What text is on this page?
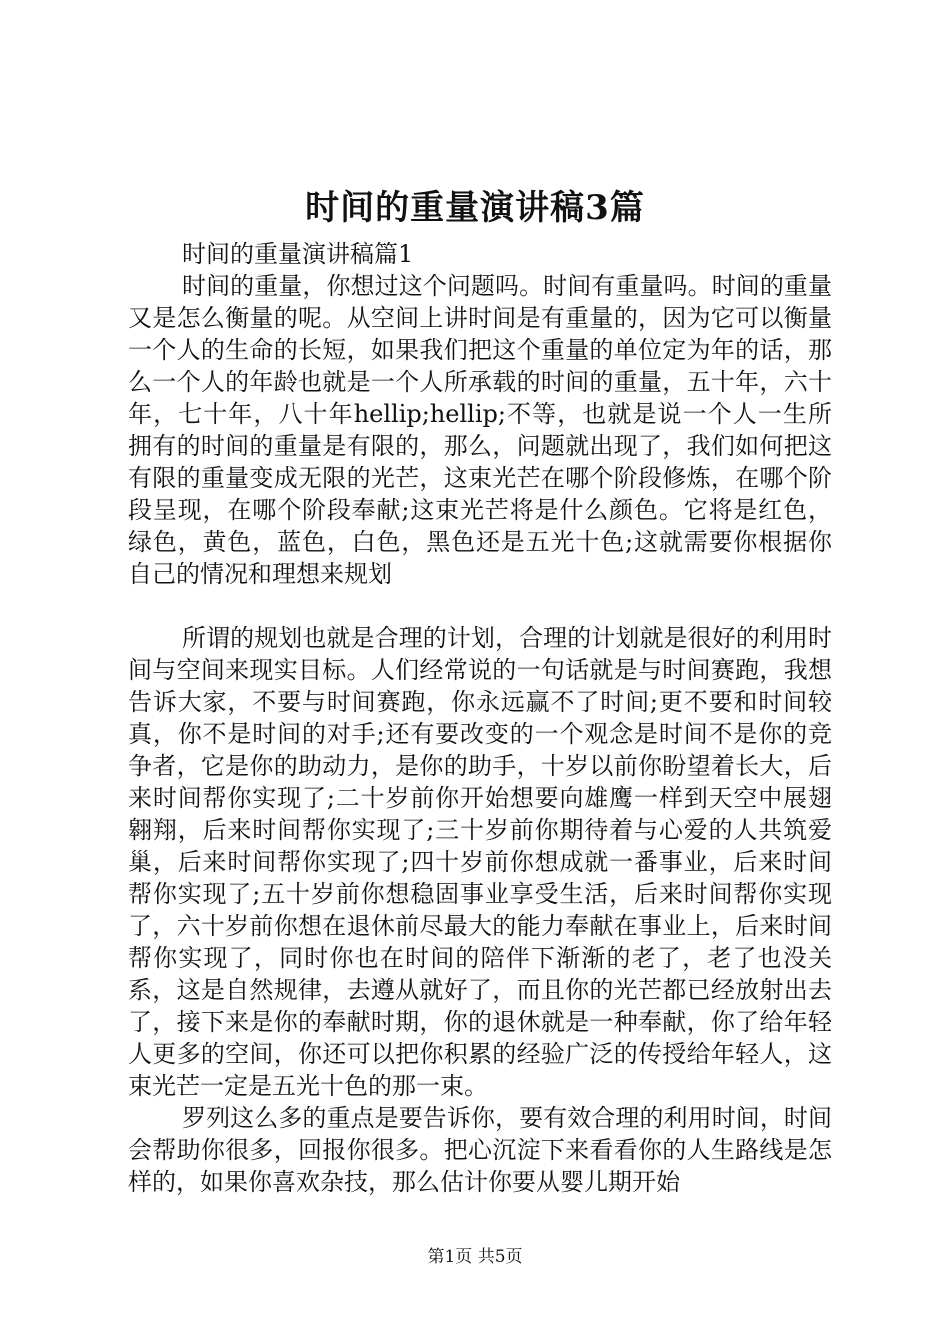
时间的重量演讲稿3篇

时间的重量演讲稿篇1

时间的重量，你想过这个问题吗。时间有重量吗。时间的重量又是怎么衡量的呢。从空间上讲时间是有重量的，因为它可以衡量一个人的生命的长短，如果我们把这个重量的单位定为年的话，那么一个人的年龄也就是一个人所承载的时间的重量，五十年，六十年，七十年，八十年hellip;hellip;不等，也就是说一个人一生所拥有的时间的重量是有限的，那么，问题就出现了，我们如何把这有限的重量变成无限的光芒，这束光芒在哪个阶段修炼，在哪个阶段呈现，在哪个阶段奉献;这束光芒将是什么颜色。它将是红色，绿色，黄色，蓝色，白色，黑色还是五光十色;这就需要你根据你自己的情况和理想来规划

所谓的规划也就是合理的计划，合理的计划就是很好的利用时间与空间来现实目标。人们经常说的一句话就是与时间赛跑，我想告诉大家，不要与时间赛跑，你永远赢不了时间;更不要和时间较真，你不是时间的对手;还有要改变的一个观念是时间不是你的竞争者，它是你的助动力，是你的助手，十岁以前你盼望着长大，后来时间帮你实现了;二十岁前你开始想要向雄鹰一样到天空中展翅翱翔，后来时间帮你实现了;三十岁前你期待着与心爱的人共筑爱巢，后来时间帮你实现了;四十岁前你想成就一番事业，后来时间帮你实现了;五十岁前你想稳固事业享受生活，后来时间帮你实现了，六十岁前你想在退休前尽最大的能力奉献在事业上，后来时间帮你实现了，同时你也在时间的陪伴下渐渐的老了，老了也没关系，这是自然规律，去遵从就好了，而且你的光芒都已经放射出去了，接下来是你的奉献时期，你的退休就是一种奉献，你了给年轻人更多的空间，你还可以把你积累的经验广泛的传授给年轻人，这束光芒一定是五光十色的那一束。

罗列这么多的重点是要告诉你，要有效合理的利用时间，时间会帮助你很多，回报你很多。把心沉淀下来看看你的人生路线是怎样的，如果你喜欢杂技，那么估计你要从婴儿期开始

第1页 共5页
